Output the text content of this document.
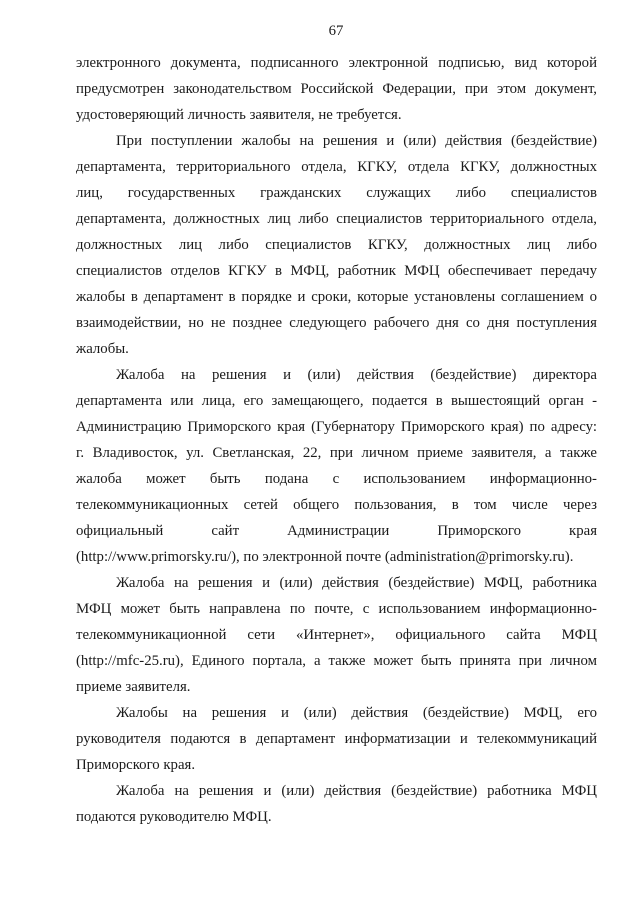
67
электронного документа, подписанного электронной подписью, вид которой
предусмотрен законодательством Российской Федерации, при этом документ,
удостоверяющий личность заявителя, не требуется.
При поступлении жалобы на решения и (или) действия (бездействие)
департамента, территориального отдела, КГКУ, отдела КГКУ, должностных
лиц, государственных гражданских служащих либо специалистов
департамента, должностных лиц либо специалистов территориального отдела,
должностных лиц либо специалистов КГКУ, должностных лиц либо
специалистов отделов КГКУ в МФЦ, работник МФЦ обеспечивает передачу
жалобы в департамент в порядке и сроки, которые установлены соглашением о
взаимодействии, но не позднее следующего рабочего дня со дня поступления
жалобы.
Жалоба на решения и (или) действия (бездействие) директора
департамента или лица, его замещающего, подается в вышестоящий орган -
Администрацию Приморского края (Губернатору Приморского края) по адресу:
г. Владивосток, ул. Светланская, 22, при личном приеме заявителя, а также
жалоба может быть подана с использованием информационно-
телекоммуникационных сетей общего пользования, в том числе через
официальный сайт Администрации Приморского края
(http://www.primorsky.ru/), по электронной почте (administration@primorsky.ru).
Жалоба на решения и (или) действия (бездействие) МФЦ, работника
МФЦ может быть направлена по почте, с использованием информационно-
телекоммуникационной сети «Интернет», официального сайта МФЦ
(http://mfc-25.ru), Единого портала, а также может быть принята при личном
приеме заявителя.
Жалобы на решения и (или) действия (бездействие) МФЦ, его
руководителя подаются в департамент информатизации и телекоммуникаций
Приморского края.
Жалоба на решения и (или) действия (бездействие) работника МФЦ
подаются руководителю МФЦ.
